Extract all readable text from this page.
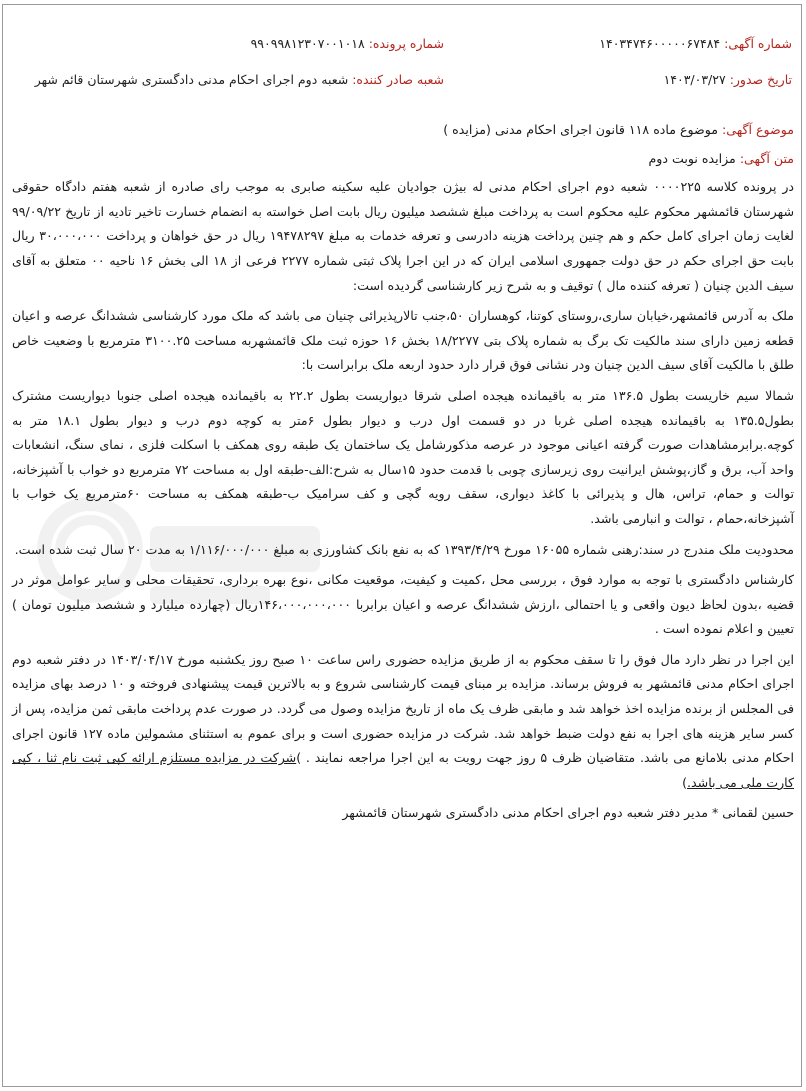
شماره آگهی: ۱۴۰۳۴۷۴۶۰۰۰۰۰۶۷۴۸۴
شماره پرونده: ۹۹۰۹۹۸۱۲۳۰۷۰۰۱۰۱۸
تاریخ صدور: ۱۴۰۳/۰۳/۲۷
شعبه صادر کننده: شعبه دوم اجرای احکام مدنی دادگستری شهرستان قائم شهر

موضوع آگهی: موضوع ماده ۱۱۸ قانون اجرای احکام مدنی (مزایده )

متن آگهی: مزایده نوبت دوم

در پرونده کلاسه ۰۰۰۰۲۲۵ شعبه دوم اجرای احکام مدنی له بیژن جوادیان علیه سکینه صابری به موجب رای صادره از شعبه هفتم دادگاه حقوقی شهرستان قائمشهر محکوم علیه محکوم است به پرداخت مبلغ ششصد میلیون ریال بابت اصل خواسته به انضمام خسارت تاخیر تادیه از تاریخ ۹۹/۰۹/۲۲ لغایت زمان اجرای کامل حکم و هم چنین پرداخت هزینه دادرسی و تعرفه خدمات به مبلغ ۱۹۴۷۸۲۹۷ ریال در حق خواهان و پرداخت ۳۰،۰۰۰،۰۰۰ ریال بابت حق اجرای حکم در حق دولت جمهوری اسلامی ایران که در این اجرا پلاک ثبتی شماره ۲۲۷۷ فرعی از ۱۸ الی بخش ۱۶ ناحیه ۰۰ متعلق به آقای سیف الدین چنیان ( تعرفه کننده مال ) توقیف و به شرح زیر کارشناسی گردیده است:

ملک به آدرس قائمشهر،خیابان ساری،روستای کوتنا، کوهساران ۵۰،جنب تالارپذیرائی چنیان می باشد که ملک مورد کارشناسی ششدانگ عرصه و اعیان قطعه زمین دارای سند مالکیت تک برگ به شماره پلاک بتی ۱۸/۲۲۷۷ بخش ۱۶ حوزه ثبت ملک قائمشهربه مساحت ۳۱۰۰.۲۵ مترمربع با وضعیت خاص طلق با مالکیت آقای سیف الدین چنیان ودر نشانی فوق قرار دارد حدود اربعه ملک برابراست با:

شمالا سیم خاریست بطول ۱۳۶.۵ متر به باقیمانده هیجده اصلی شرقا دیواریست بطول ۲۲.۲ به باقیمانده هیجده اصلی جنوبا دیواریست مشترک بطول۱۳۵.۵ به باقیمانده هیجده اصلی غربا در دو قسمت اول درب و دیوار بطول ۶متر به کوچه دوم درب و دیوار بطول ۱۸.۱ متر به کوچه.برابرمشاهدات صورت گرفته اعیانی موجود در عرصه مذکورشامل یک ساختمان یک طبقه روی همکف با اسکلت فلزی ، نمای سنگ، انشعابات واحد آب، برق و گاز،پوشش ایرانیت روی زیرسازی چوبی با قدمت حدود ۱۵سال به شرح:الف-طبقه اول به مساحت ۷۲ مترمربع دو خواب با آشپزخانه، توالت و حمام، تراس، هال و پذیرائی با کاغذ دیواری، سقف رویه گچی و کف سرامیک ب-طبقه همکف به مساحت ۶۰مترمربع یک خواب با آشپزخانه،حمام ، توالت و انبارمی باشد.

محدودیت ملک مندرج در سند:رهنی شماره ۱۶۰۵۵ مورخ ۱۳۹۳/۴/۲۹ که به نفع بانک کشاورزی به مبلغ ۱/۱۱۶/۰۰۰/۰۰۰ به مدت ۲۰ سال ثبت شده است.

کارشناس دادگستری با توجه به موارد فوق ، بررسی محل ،کمیت و کیفیت، موقعیت مکانی ،نوع بهره برداری، تحقیقات محلی و سایر عوامل موثر در قضیه ،بدون لحاظ دیون واقعی و یا احتمالی ،ارزش ششدانگ عرصه و اعیان برابربا ۱۴۶،۰۰۰،۰۰۰،۰۰۰ریال (چهارده میلیارد و ششصد میلیون تومان ) تعیین و اعلام نموده است .

این اجرا در نظر دارد مال فوق را تا سقف محکوم به از طریق مزایده حضوری راس ساعت ۱۰ صبح روز یکشنبه مورخ ۱۴۰۳/۰۴/۱۷ در دفتر شعبه دوم اجرای احکام مدنی قائمشهر به فروش برساند. مزایده بر مبنای قیمت کارشناسی شروع و به بالاترین قیمت پیشنهادی فروخته و ۱۰ درصد بهای مزایده فی المجلس از برنده مزایده اخذ خواهد شد و مابقی ظرف یک ماه از تاریخ مزایده وصول می گردد. در صورت عدم پرداخت مابقی ثمن مزایده، پس از کسر سایر هزینه های اجرا به نفع دولت ضبط خواهد شد. شرکت در مزایده حضوری است و برای عموم به استثنای مشمولین ماده ۱۲۷ قانون اجرای احکام مدنی بلامانع می باشد. متقاضیان ظرف ۵ روز جهت رویت به این اجرا مراجعه نمایند . )شرکت در مزایده مستلزم ارائه کپی ثبت نام ثنا ، کپی کارت ملی می باشد.)

حسین لقمانی * مدیر دفتر شعبه دوم اجرای احکام مدنی دادگستری شهرستان قائمشهر
